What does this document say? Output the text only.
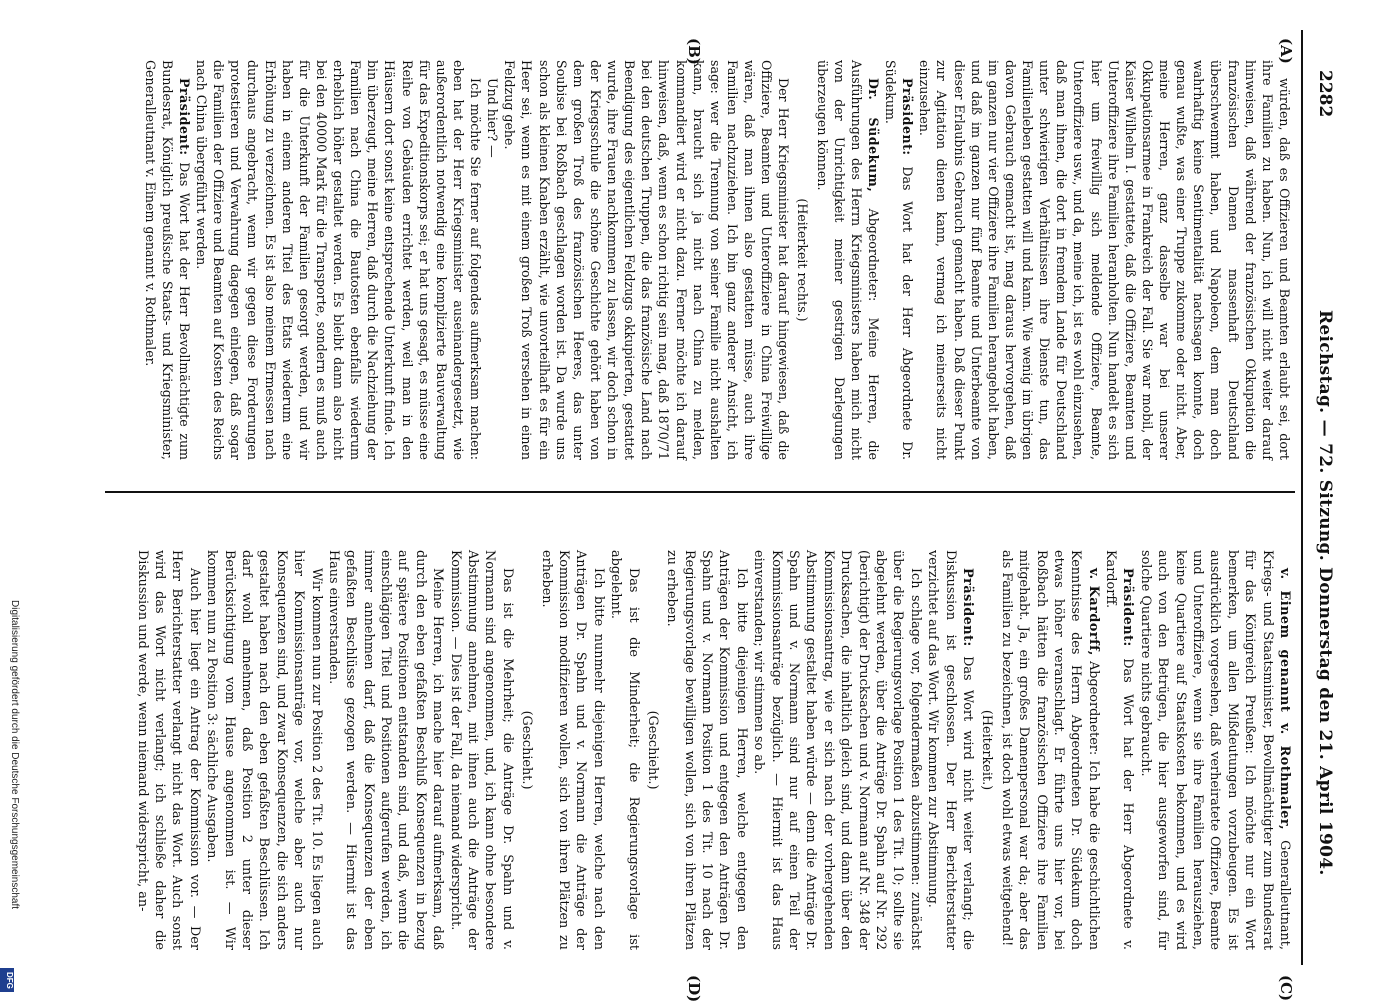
2282
Reichstag. — 72. Sitzung. Donnerstag den 21. April 1904.
(A)
(B)
(C)
(D)

würden, daß es Offizieren und Beamten erlaubt sei, dort ihre Familien zu haben. Nun, ich will nicht weiter darauf hinweisen, daß während der französischen Okkupation die französischen Damen massenhaft Deutschland überschwemmt haben, und Napoleon, dem man doch wahrhaftig keine Sentimentalität nachsagen konnte, doch genau wußte, was einer Truppe zukomme oder nicht. Aber, meine Herren, ganz dasselbe war bei unserer Okkupationsarmee in Frankreich der Fall. Sie war mobil, der Kaiser Wilhelm I. gestattete, daß die Offiziere, Beamten und Unteroffiziere ihre Familien heranholten. Nun handelt es sich hier um freiwillig sich meldende Offiziere, Beamte, Unteroffiziere usw., und da, meine ich, ist es wohl einzusehen, daß man ihnen, die dort in fremdem Lande für Deutschland unter schwierigen Verhältnissen ihre Dienste tun, das Familienleben gestatten will und kann. Wie wenig im übrigen davon Gebrauch gemacht ist, mag daraus hervorgehen, daß im ganzen nur vier Offiziere ihre Familien herangeholt haben, und daß im ganzen nur fünf Beamte und Unterbeamte von dieser Erlaubnis Gebrauch gemacht haben. Daß dieser Punkt zur Agitation dienen kann, vermag ich meinerseits nicht einzusehen.

Präsident: Das Wort hat der Herr Abgeordnete Dr. Südekum.

Dr. Südekum, Abgeordneter: Meine Herren, die Ausführungen des Herrn Kriegsministers haben mich nicht von der Unrichtigkeit meiner gestrigen Darlegungen überzeugen können.

(Heiterkeit rechts.)

Der Herr Kriegsminister hat darauf hingewiesen, daß die Offiziere, Beamten und Unteroffiziere in China Freiwillige wären, daß man ihnen also gestatten müsse, auch ihre Familien nachzuziehen. Ich bin ganz anderer Ansicht, ich sage: wer die Trennung von seiner Familie nicht aushalten kann, braucht sich ja nicht nach China zu melden, kommandiert wird er nicht dazu. Ferner möchte ich darauf hinweisen, daß, wenn es schon richtig sein mag, daß 1870/71 bei den deutschen Truppen, die das französische Land nach Beendigung des eigentlichen Feldzugs okkupierten, gestattet wurde, ihre Frauen nachkommen zu lassen, wir doch schon in der Kriegsschule die schöne Geschichte gehört haben von dem großen Troß des französischen Heeres, das unter Soubise bei Roßbach geschlagen worden ist. Da wurde uns schon als kleinen Knaben erzählt, wie unvorteilhaft es für ein Heer sei, wenn es mit einem großen Troß versehen in einen Feldzug gehe.

Und hier? —

Ich möchte Sie ferner auf folgendes aufmerksam machen: eben hat der Herr Kriegsminister auseinandergesetzt, wie außerordentlich notwendig eine komplizierte Bauverwaltung für das Expeditionskorps sei; er hat uns gesagt, es müsse eine Reihe von Gebäuden errichtet werden, weil man in den Häusern dort sonst keine entsprechende Unterkunft finde. Ich bin überzeugt, meine Herren, daß durch die Nachziehung der Familien nach China die Bautosten ebenfalls wiederum erheblich höher gestaltet werden. Es bleibt dann also nicht bei den 40000 Mark für die Transporte, sondern es muß auch für die Unterkunft der Familien gesorgt werden, und wir haben in einem anderen Titel des Etats wiederum eine Erhöhung zu verzeichnen. Es ist also meinem Ermessen nach durchaus angebracht, wenn wir gegen diese Forderungen protestieren und Verwahrung dagegen einlegen, daß sogar die Familien der Offiziere und Beamten auf Kosten des Reichs nach China übergeführt werden.

Präsident: Das Wort hat der Herr Bevollmächtigte zum Bundesrat, Königlich preußische Staats- und Kriegsminister, Generalleutnant v. Einem genannt v. Rothmaler.

v. Einem genannt v. Rothmaler, Generalleutnant, Kriegs- und Staatsminister, Bevollmächtigter zum Bundesrat für das Königreich Preußen: Ich möchte nur ein Wort bemerken, um allen Mißdeutungen vorzubeugen. Es ist ausdrücklich vorgesehen, daß verheiratete Offiziere, Beamte und Unteroffiziere, wenn sie ihre Familien herausziehen, keine Quartiere auf Staatskosten bekommen, und es wird auch von den Betrügen, die hier ausgeworfen sind, für solche Quartiere nichts gebraucht.

Präsident: Das Wort hat der Herr Abgeordnete v. Kardorff.

v. Kardorff, Abgeordneter: Ich habe die geschichtlichen Kenntnisse des Herrn Abgeordneten Dr. Südekum doch etwas höher veranschlagt. Er führte uns hier vor, bei Roßbach hätten die französischen Offiziere ihre Familien mitgehabt. Ja, ein großes Damenpersonal war da; aber das als Familien zu bezeichnen, ist doch wohl etwas weitgehend!

(Heiterkeit.)

Präsident: Das Wort wird nicht weiter verlangt; die Diskussion ist geschlossen. Der Herr Berichterstatter verzichtet auf das Wort. Wir kommen zur Abstimmung.

Ich schlage vor, folgendermaßen abzustimmen: zunächst über die Regierungsvorlage Position 1 des Tit. 10; sollte sie abgelehnt werden, über die Anträge Dr. Spahn auf Nr. 292 (berichtigt) der Drucksachen und v. Normann auf Nr. 348 der Drucksachen, die inhaltlich gleich sind, und dann über den Kommissionsantrag, wie er sich nach der vorhergehenden Abstimmung gestaltet haben würde — denn die Anträge Dr. Spahn und v. Normann sind nur auf einen Teil der Kommissionsanträge bezüglich. — Hiermit ist das Haus einverstanden; wir stimmen so ab.

Ich bitte diejenigen Herren, welche entgegen den Anträgen der Kommission und entgegen den Anträgen Dr. Spahn und v. Normann Position 1 des Tit. 10 nach der Regierungsvorlage bewilligen wollen, sich von ihren Plätzen zu erheben.

(Geschieht.)

Das ist die Minderheit; die Regierungsvorlage ist abgelehnt.

Ich bitte nunmehr diejenigen Herren, welche nach den Anträgen Dr. Spahn und v. Normann die Anträge der Kommission modifizieren wollen, sich von ihren Plätzen zu erheben.

(Geschieht.)

Das ist die Mehrheit; die Anträge Dr. Spahn und v. Normann sind angenommen, und, ich kann ohne besondere Abstimmung annehmen, mit ihnen auch die Anträge der Kommission. — Dies ist der Fall, da niemand widerspricht.

Meine Herren, ich mache hier darauf aufmerksam, daß durch den eben gefaßten Beschluß Konsequenzen in bezug auf spätere Positionen entstanden sind, und daß, wenn die einschlägigen Titel und Positionen aufgerufen werden, ich immer annehmen darf, daß die Konsequenzen der eben gefaßten Beschlüsse gezogen werden. — Hiermit ist das Haus einverstanden.

Wir kommen nun zur Position 2 des Tit. 10. Es liegen auch hier Kommissionsanträge vor, welche aber auch nur Konsequenzen sind, und zwar Konsequenzen, die sich anders gestaltet haben nach den eben gefaßten Beschlüssen. Ich darf wohl annehmen, daß Position 2 unter dieser Berücksichtigung vom Hause angenommen ist. — Wir kommen nun zu Position 3: sächliche Ausgaben.

Auch hier liegt ein Antrag der Kommission vor. — Der Herr Berichterstatter verlangt nicht das Wort. Auch sonst wird das Wort nicht verlangt; ich schließe daher die Diskussion und werde, wenn niemand widerspricht, an-

Digitalisierung gefördert durch die Deutsche Forschungsgemeinschaft
DFG
